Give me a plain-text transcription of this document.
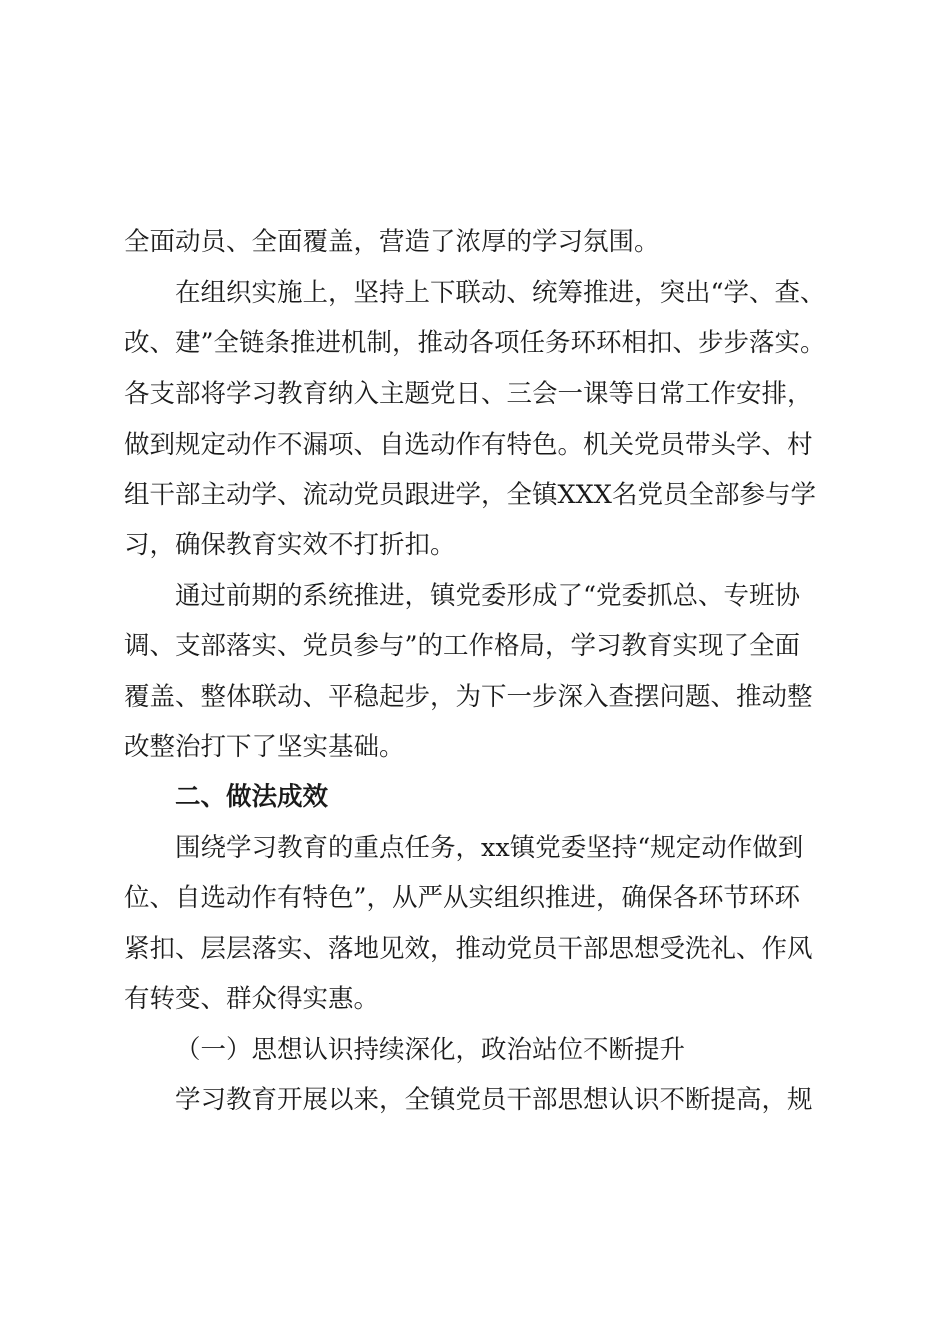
全面动员、全面覆盖，营造了浓厚的学习氛围。
在组织实施上，坚持上下联动、统筹推进，突出“学、查、
改、建”全链条推进机制，推动各项任务环环相扣、步步落实。
各支部将学习教育纳入主题党日、三会一课等日常工作安排，
做到规定动作不漏项、自选动作有特色。机关党员带头学、村
组干部主动学、流动党员跟进学，全镇XXX名党员全部参与学
习，确保教育实效不打折扣。
通过前期的系统推进，镇党委形成了“党委抓总、专班协
调、支部落实、党员参与”的工作格局，学习教育实现了全面
覆盖、整体联动、平稳起步，为下一步深入查摆问题、推动整
改整治打下了坚实基础。
二、做法成效
围绕学习教育的重点任务，xx镇党委坚持“规定动作做到
位、自选动作有特色”，从严从实组织推进，确保各环节环环
紧扣、层层落实、落地见效，推动党员干部思想受洗礼、作风
有转变、群众得实惠。
（一）思想认识持续深化，政治站位不断提升
学习教育开展以来，全镇党员干部思想认识不断提高，规
